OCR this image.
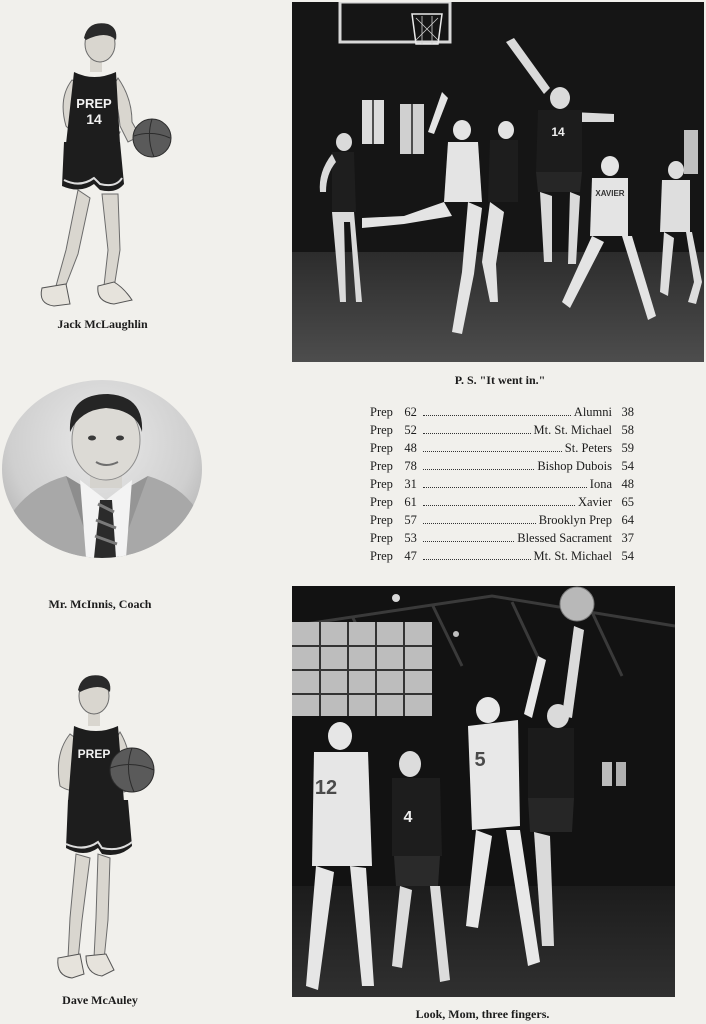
PREP
14
Jack McLaughlin
14
XAVIER
P. S. "It went in."
Mr. McInnis, Coach
Prep 62	Alumni 38
Prep 52	Mt. St. Michael 58
Prep 48	St. Peters 59
Prep 78	Bishop Dubois 54
Prep 31	Iona 48
Prep 61	Xavier 65
Prep 57	Brooklyn Prep 64
Prep 53	Blessed Sacrament 37
Prep 47	Mt. St. Michael 54
PREP
Dave McAuley
12
4
5
Look, Mom, three fingers.
